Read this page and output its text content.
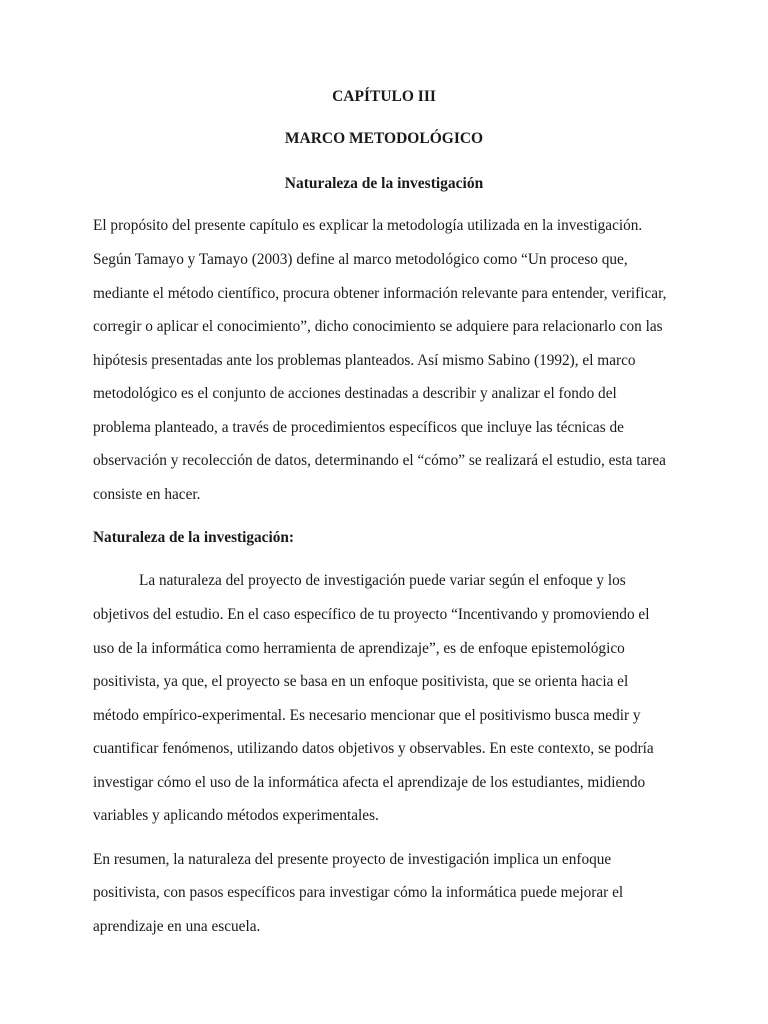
CAPÍTULO III

MARCO METODOLÓGICO

Naturaleza de la investigación

El propósito del presente capítulo es explicar la metodología utilizada en la investigación.

Según Tamayo y Tamayo (2003) define al marco metodológico como “Un proceso que,

mediante el método científico, procura obtener información relevante para entender, verificar,

corregir o aplicar el conocimiento”, dicho conocimiento se adquiere para relacionarlo con las

hipótesis presentadas ante los problemas planteados. Así mismo Sabino (1992), el marco

metodológico es el conjunto de acciones destinadas a describir y analizar el fondo del

problema planteado, a través de procedimientos específicos que incluye las técnicas de

observación y recolección de datos, determinando el “cómo” se realizará el estudio, esta tarea

consiste en hacer.

Naturaleza de la investigación:

La naturaleza del proyecto de investigación puede variar según el enfoque y los

objetivos del estudio. En el caso específico de tu proyecto “Incentivando y promoviendo el

uso de la informática como herramienta de aprendizaje”, es de enfoque epistemológico

positivista, ya que, el proyecto se basa en un enfoque positivista, que se orienta hacia el

método empírico-experimental. Es necesario mencionar que el positivismo busca medir y

cuantificar fenómenos, utilizando datos objetivos y observables. En este contexto, se podría

investigar cómo el uso de la informática afecta el aprendizaje de los estudiantes, midiendo

variables y aplicando métodos experimentales.

En resumen, la naturaleza del presente proyecto de investigación implica un enfoque

positivista, con pasos específicos para investigar cómo la informática puede mejorar el

aprendizaje en una escuela.
